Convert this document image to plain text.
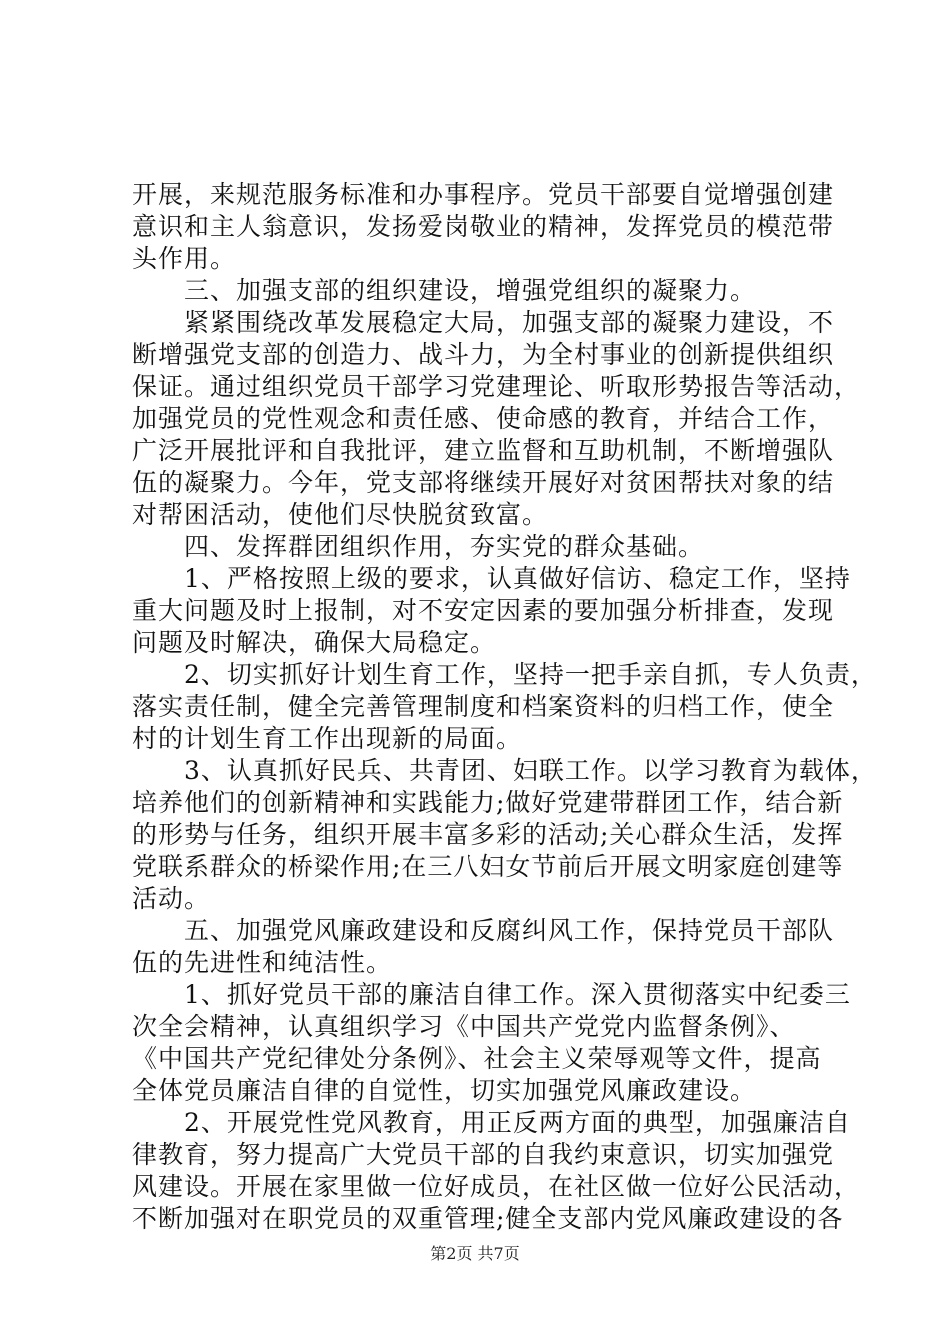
开展，来规范服务标准和办事程序。党员干部要自觉增强创建
意识和主人翁意识，发扬爱岗敬业的精神，发挥党员的模范带
头作用。
　　三、加强支部的组织建设，增强党组织的凝聚力。
　　紧紧围绕改革发展稳定大局，加强支部的凝聚力建设，不
断增强党支部的创造力、战斗力，为全村事业的创新提供组织
保证。通过组织党员干部学习党建理论、听取形势报告等活动，
加强党员的党性观念和责任感、使命感的教育，并结合工作，
广泛开展批评和自我批评，建立监督和互助机制，不断增强队
伍的凝聚力。今年，党支部将继续开展好对贫困帮扶对象的结
对帮困活动，使他们尽快脱贫致富。
　　四、发挥群团组织作用，夯实党的群众基础。
　　1、严格按照上级的要求，认真做好信访、稳定工作，坚持
重大问题及时上报制，对不安定因素的要加强分析排查，发现
问题及时解决，确保大局稳定。
　　2、切实抓好计划生育工作，坚持一把手亲自抓，专人负责，
落实责任制，健全完善管理制度和档案资料的归档工作，使全
村的计划生育工作出现新的局面。
　　3、认真抓好民兵、共青团、妇联工作。以学习教育为载体，
培养他们的创新精神和实践能力;做好党建带群团工作，结合新
的形势与任务，组织开展丰富多彩的活动;关心群众生活，发挥
党联系群众的桥梁作用;在三八妇女节前后开展文明家庭创建等
活动。
　　五、加强党风廉政建设和反腐纠风工作，保持党员干部队
伍的先进性和纯洁性。
　　1、抓好党员干部的廉洁自律工作。深入贯彻落实中纪委三
次全会精神，认真组织学习《中国共产党党内监督条例》、
《中国共产党纪律处分条例》、社会主义荣辱观等文件，提高
全体党员廉洁自律的自觉性，切实加强党风廉政建设。
　　2、开展党性党风教育，用正反两方面的典型，加强廉洁自
律教育，努力提高广大党员干部的自我约束意识，切实加强党
风建设。开展在家里做一位好成员，在社区做一位好公民活动，
不断加强对在职党员的双重管理;健全支部内党风廉政建设的各
第2页 共7页
